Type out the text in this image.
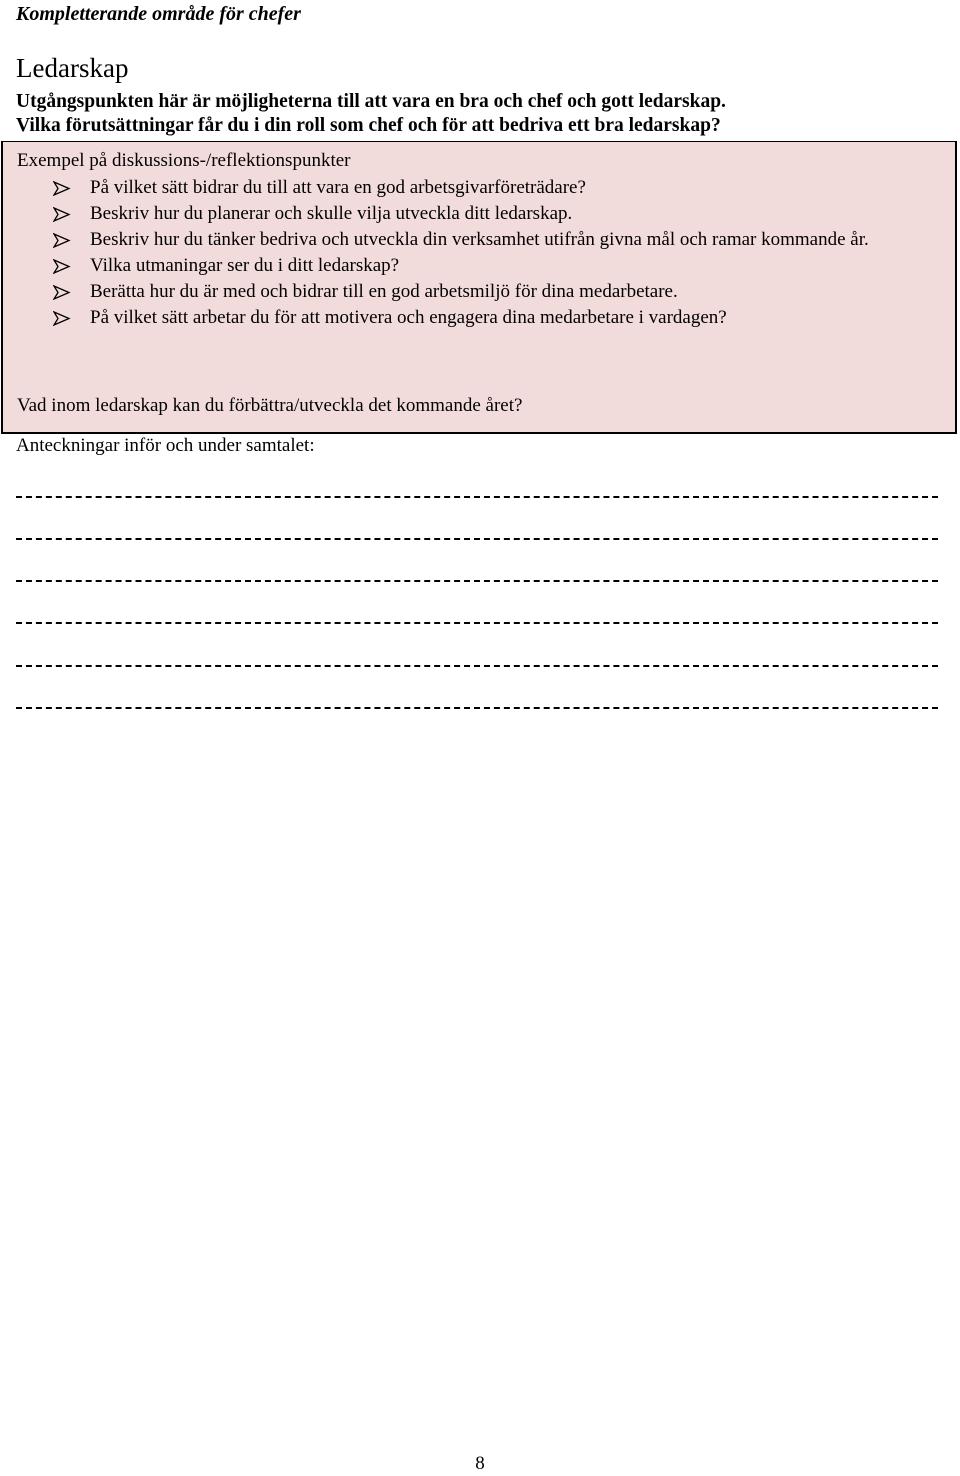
Kompletterande område för chefer
Ledarskap

Utgångspunkten här är möjligheterna till att vara en bra och chef och gott ledarskap.

Vilka förutsättningar får du i din roll som chef och för att bedriva ett bra ledarskap?

Exempel på diskussions-/reflektionspunkter

På vilket sätt bidrar du till att vara en god arbetsgivarföreträdare?
Beskriv hur du planerar och skulle vilja utveckla ditt ledarskap.
Beskriv hur du tänker bedriva och utveckla din verksamhet utifrån givna mål och ramar kommande år.
Vilka utmaningar ser du i ditt ledarskap?
Berätta hur du är med och bidrar till en god arbetsmiljö för dina medarbetare.
På vilket sätt arbetar du för att motivera och engagera dina medarbetare i vardagen?

Vad inom ledarskap kan du förbättra/utveckla det kommande året?

Anteckningar inför och under samtalet:

8
